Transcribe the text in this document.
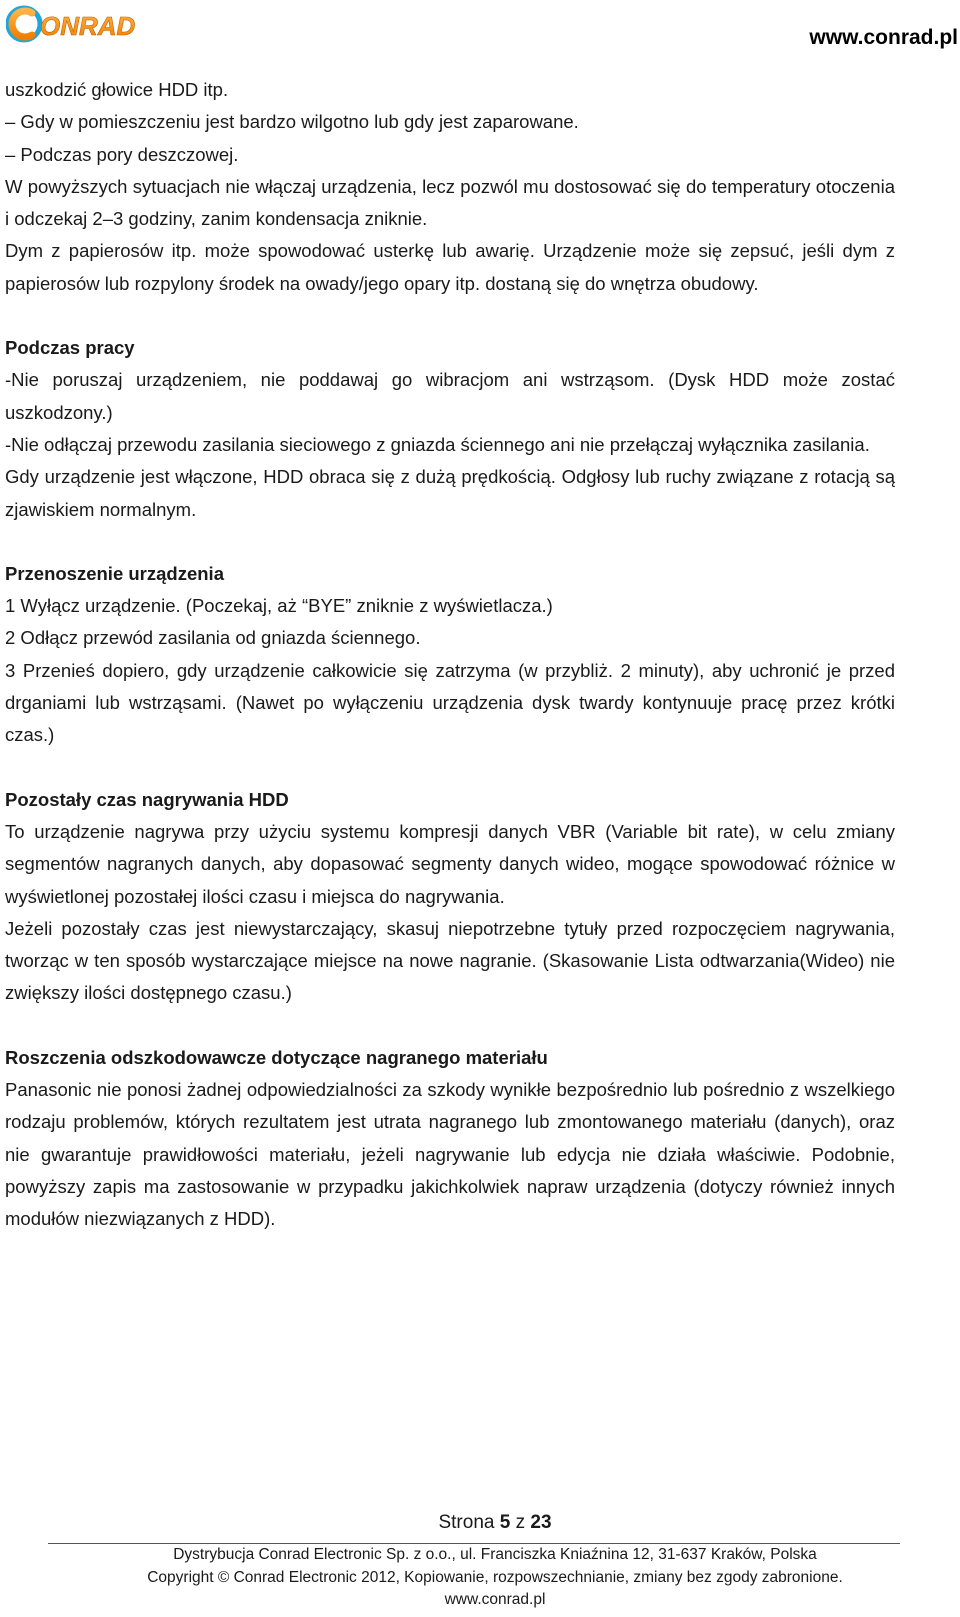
ONRAD	www.conrad.pl

uszkodzić głowice HDD itp.

– Gdy w pomieszczeniu jest bardzo wilgotno lub gdy jest zaparowane.

– Podczas pory deszczowej.

W powyższych sytuacjach nie włączaj urządzenia, lecz pozwól mu dostosować się do temperatury otoczenia i odczekaj 2–3 godziny, zanim kondensacja zniknie.

Dym z papierosów itp. może spowodować usterkę lub awarię. Urządzenie może się zepsuć, jeśli dym z papierosów lub rozpylony środek na owady/jego opary itp. dostaną się do wnętrza obudowy.

Podczas pracy

-Nie poruszaj urządzeniem, nie poddawaj go wibracjom ani wstrząsom. (Dysk HDD może zostać uszkodzony.)

-Nie odłączaj przewodu zasilania sieciowego z gniazda ściennego ani nie przełączaj wyłącznika zasilania.

Gdy urządzenie jest włączone, HDD obraca się z dużą prędkością. Odgłosy lub ruchy związane z rotacją są zjawiskiem normalnym.

Przenoszenie urządzenia

1 Wyłącz urządzenie. (Poczekaj, aż “BYE” zniknie z wyświetlacza.)

2 Odłącz przewód zasilania od gniazda ściennego.

3 Przenieś dopiero, gdy urządzenie całkowicie się zatrzyma (w przybliż. 2 minuty), aby uchronić je przed drganiami lub wstrząsami. (Nawet po wyłączeniu urządzenia dysk twardy kontynuuje pracę przez krótki czas.)

Pozostały czas nagrywania HDD

To urządzenie nagrywa przy użyciu systemu kompresji danych VBR (Variable bit rate), w celu zmiany segmentów nagranych danych, aby dopasować segmenty danych wideo, mogące spowodować różnice w wyświetlonej pozostałej ilości czasu i miejsca do nagrywania.

Jeżeli pozostały czas jest niewystarczający, skasuj niepotrzebne tytuły przed rozpoczęciem nagrywania, tworząc w ten sposób wystarczające miejsce na nowe nagranie. (Skasowanie Lista odtwarzania(Wideo) nie zwiększy ilości dostępnego czasu.)

Roszczenia odszkodowawcze dotyczące nagranego materiału

Panasonic nie ponosi żadnej odpowiedzialności za szkody wynikłe bezpośrednio lub pośrednio z wszelkiego rodzaju problemów, których rezultatem jest utrata nagranego lub zmontowanego materiału (danych), oraz nie gwarantuje prawidłowości materiału, jeżeli nagrywanie lub edycja nie działa właściwie. Podobnie, powyższy zapis ma zastosowanie w przypadku jakichkolwiek napraw urządzenia (dotyczy również innych modułów niezwiązanych z HDD).

Strona 5 z 23
Dystrybucja Conrad Electronic Sp. z o.o., ul. Franciszka Kniaźnina 12, 31-637 Kraków, Polska
Copyright © Conrad Electronic 2012, Kopiowanie, rozpowszechnianie, zmiany bez zgody zabronione.
www.conrad.pl
